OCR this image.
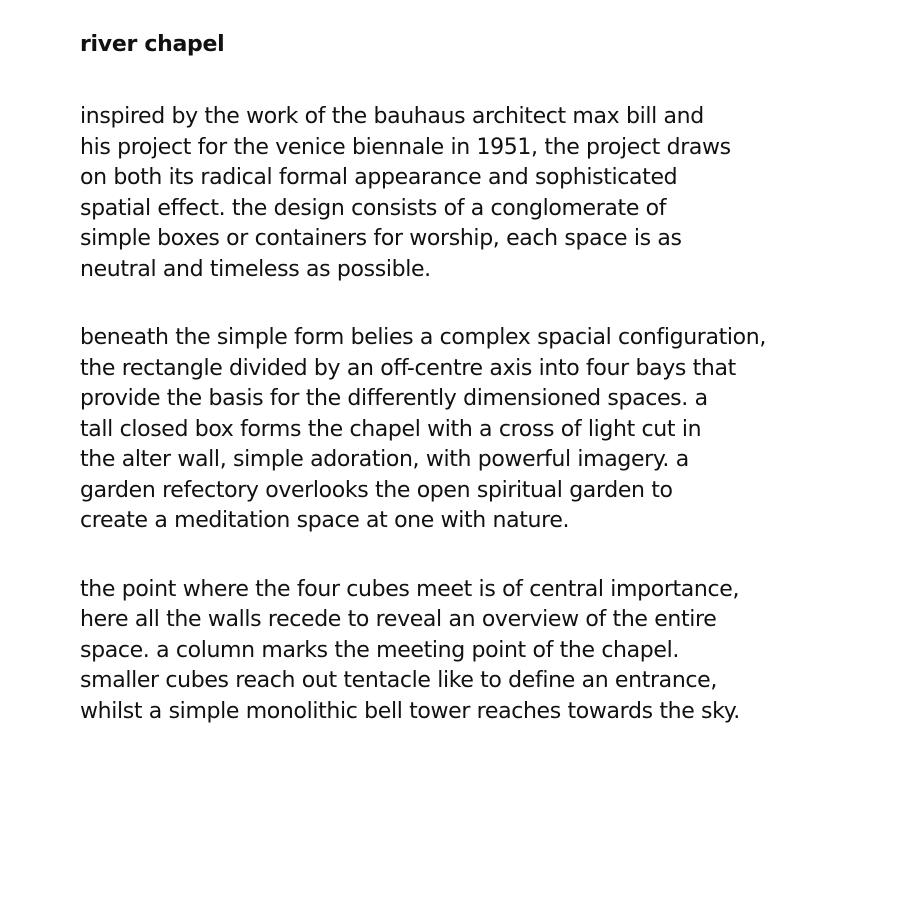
river chapel
inspired by the work of the bauhaus architect max bill and
his project for the venice biennale in 1951, the project draws
on both its radical formal appearance and sophisticated
spatial effect. the design consists of a conglomerate of
simple boxes or containers for worship, each space is as
neutral and timeless as possible.
beneath the simple form belies a complex spacial configuration,
the rectangle divided by an off-centre axis into four bays that
provide the basis for the differently dimensioned spaces. a
tall closed box forms the chapel with a cross of light cut in
the alter wall, simple adoration, with powerful imagery. a
garden refectory overlooks the open spiritual garden to
create a meditation space at one with nature.
the point where the four cubes meet is of central importance,
here all the walls recede to reveal an overview of the entire
space. a column marks the meeting point of the chapel.
smaller cubes reach out tentacle like to define an entrance,
whilst a simple monolithic bell tower reaches towards the sky.
